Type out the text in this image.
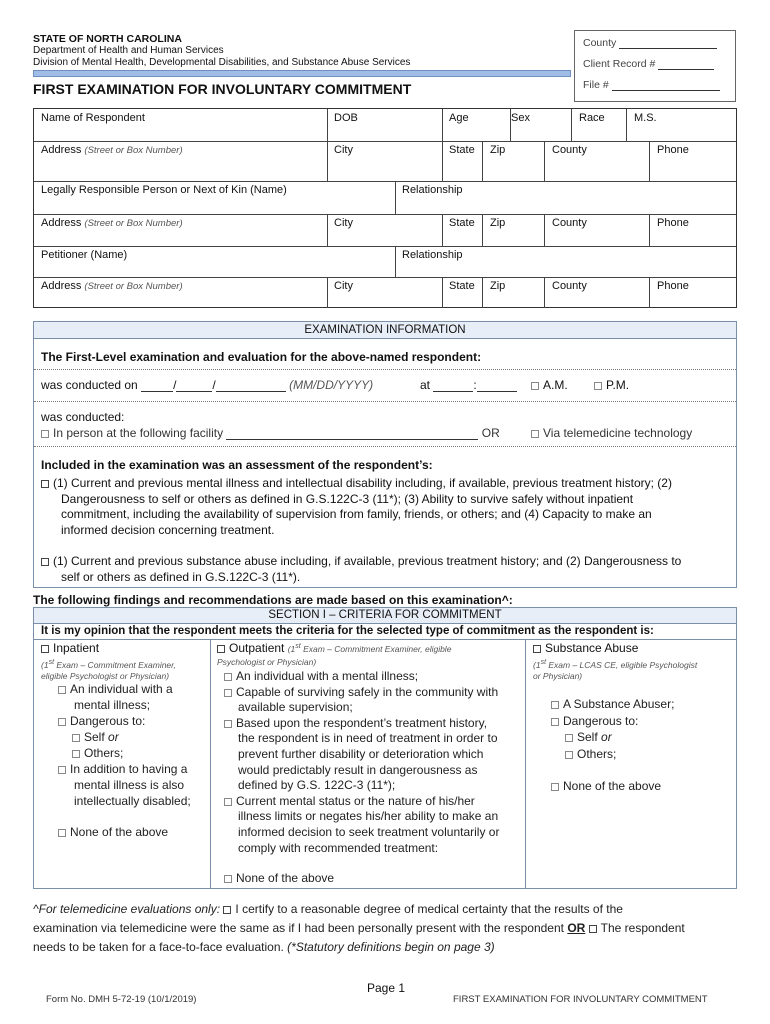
STATE OF NORTH CAROLINA
Department of Health and Human Services
Division of Mental Health, Developmental Disabilities, and Substance Abuse Services
FIRST EXAMINATION FOR INVOLUNTARY COMMITMENT
County
Client Record #
File #
Name of Respondent	DOB	Age	Sex	Race	M.S.
Address (Street or Box Number)	City	State Zip	County	Phone
Legally Responsible Person or Next of Kin (Name)	Relationship
Address (Street or Box Number)	City	State Zip	County	Phone
Petitioner (Name)	Relationship
Address (Street or Box Number)	City	State Zip	County	Phone
EXAMINATION INFORMATION
The First-Level examination and evaluation for the above-named respondent:
was conducted on	/	/	(MM/DD/YYYY)	at	:	A.M.	P.M.
was conducted:
In person at the following facility	OR	Via telemedicine technology
Included in the examination was an assessment of the respondent’s:
(1) Current and previous mental illness and intellectual disability including, if available, previous treatment history; (2)
Dangerousness to self or others as defined in G.S.122C-3 (11*); (3) Ability to survive safely without inpatient
commitment, including the availability of supervision from family, friends, or others; and (4) Capacity to make an
informed decision concerning treatment.
(1) Current and previous substance abuse including, if available, previous treatment history; and (2) Dangerousness to
self or others as defined in G.S.122C-3 (11*).
The following findings and recommendations are made based on this examination^:
SECTION I – CRITERIA FOR COMMITMENT
It is my opinion that the respondent meets the criteria for the selected type of commitment as the respondent is:
Inpatient
(1st Exam – Commitment Examiner,
eligible Psychologist or Physician)
An individual with a
mental illness;
Dangerous to:
Self or
Others;
In addition to having a
mental illness is also
intellectually disabled;
None of the above
Outpatient (1st Exam – Commitment Examiner, eligible
Psychologist or Physician)
An individual with a mental illness;
Capable of surviving safely in the community with
available supervision;
Based upon the respondent’s treatment history,
the respondent is in need of treatment in order to
prevent further disability or deterioration which
would predictably result in dangerousness as
defined by G.S. 122C-3 (11*);
Current mental status or the nature of his/her
illness limits or negates his/her ability to make an
informed decision to seek treatment voluntarily or
comply with recommended treatment:
None of the above
Substance Abuse
(1st Exam – LCAS CE, eligible Psychologist
or Physician)
A Substance Abuser;
Dangerous to:
Self or
Others;
None of the above
^For telemedicine evaluations only: I certify to a reasonable degree of medical certainty that the results of the
examination via telemedicine were the same as if I had been personally present with the respondent OR The respondent
needs to be taken for a face-to-face evaluation. (*Statutory definitions begin on page 3)
Page 1
Form No. DMH 5-72-19 (10/1/2019)	FIRST EXAMINATION FOR INVOLUNTARY COMMITMENT
